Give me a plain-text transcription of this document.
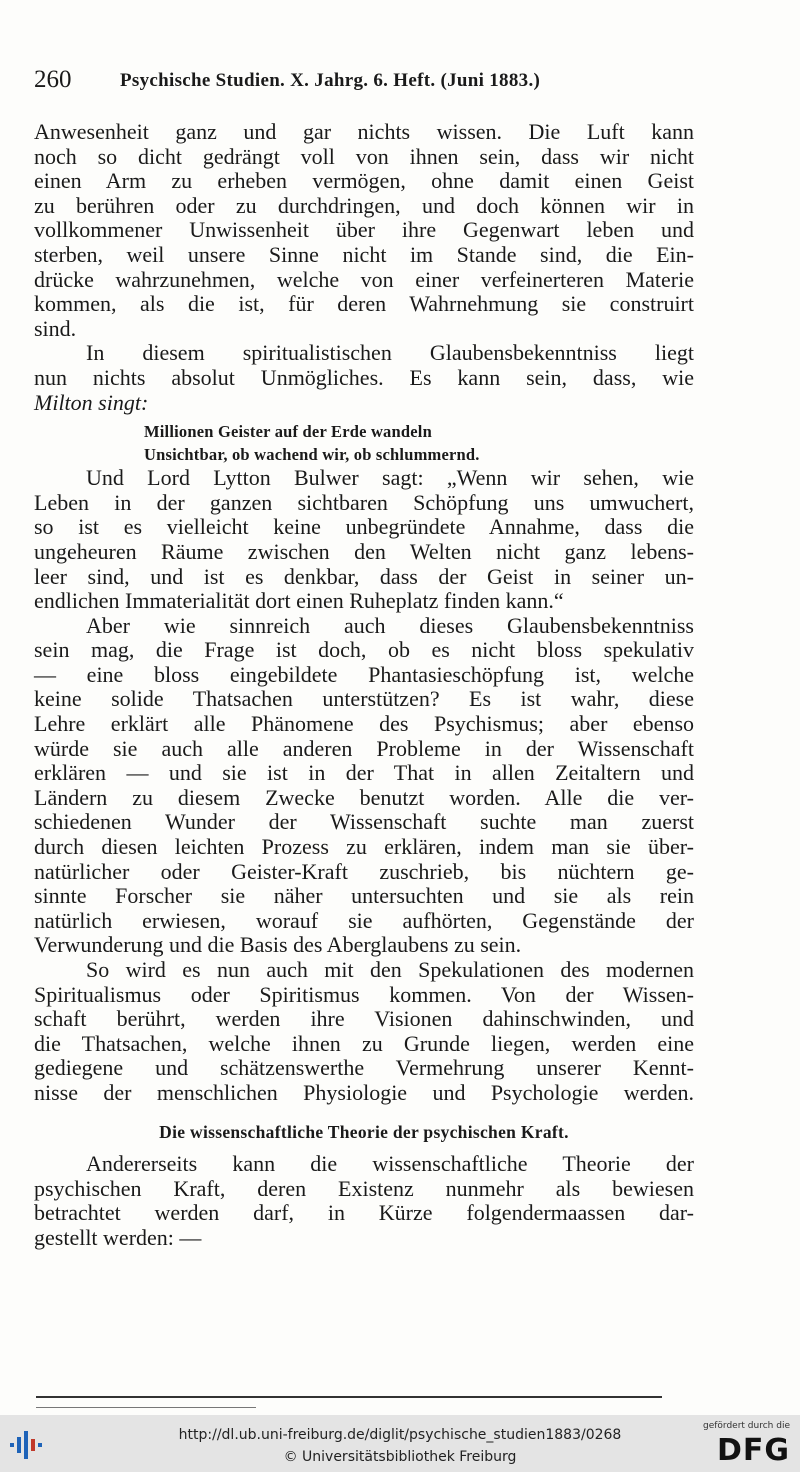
260	Psychische Studien. X. Jahrg. 6. Heft. (Juni 1883.)
Anwesenheit ganz und gar nichts wissen. Die Luft kann
noch so dicht gedrängt voll von ihnen sein, dass wir nicht
einen Arm zu erheben vermögen, ohne damit einen Geist
zu berühren oder zu durchdringen, und doch können wir in
vollkommener Unwissenheit über ihre Gegenwart leben und
sterben, weil unsere Sinne nicht im Stande sind, die Ein-
drücke wahrzunehmen, welche von einer verfeinerteren Materie
kommen, als die ist, für deren Wahrnehmung sie construirt
sind.
In diesem spiritualistischen Glaubensbekenntniss liegt
nun nichts absolut Unmögliches. Es kann sein, dass, wie
Milton singt:
Millionen Geister auf der Erde wandeln
Unsichtbar, ob wachend wir, ob schlummernd.
Und Lord Lytton Bulwer sagt: „Wenn wir sehen, wie
Leben in der ganzen sichtbaren Schöpfung uns umwuchert,
so ist es vielleicht keine unbegründete Annahme, dass die
ungeheuren Räume zwischen den Welten nicht ganz lebens-
leer sind, und ist es denkbar, dass der Geist in seiner un-
endlichen Immaterialität dort einen Ruheplatz finden kann.“
Aber wie sinnreich auch dieses Glaubensbekenntniss
sein mag, die Frage ist doch, ob es nicht bloss spekulativ
— eine bloss eingebildete Phantasieschöpfung ist, welche
keine solide Thatsachen unterstützen? Es ist wahr, diese
Lehre erklärt alle Phänomene des Psychismus; aber ebenso
würde sie auch alle anderen Probleme in der Wissenschaft
erklären — und sie ist in der That in allen Zeitaltern und
Ländern zu diesem Zwecke benutzt worden. Alle die ver-
schiedenen Wunder der Wissenschaft suchte man zuerst
durch diesen leichten Prozess zu erklären, indem man sie über-
natürlicher oder Geister-Kraft zuschrieb, bis nüchtern ge-
sinnte Forscher sie näher untersuchten und sie als rein
natürlich erwiesen, worauf sie aufhörten, Gegenstände der
Verwunderung und die Basis des Aberglaubens zu sein.
So wird es nun auch mit den Spekulationen des modernen
Spiritualismus oder Spiritismus kommen. Von der Wissen-
schaft berührt, werden ihre Visionen dahinschwinden, und
die Thatsachen, welche ihnen zu Grunde liegen, werden eine
gediegene und schätzenswerthe Vermehrung unserer Kennt-
nisse der menschlichen Physiologie und Psychologie werden.
Die wissenschaftliche Theorie der psychischen Kraft.
Andererseits kann die wissenschaftliche Theorie der
psychischen Kraft, deren Existenz nunmehr als bewiesen
betrachtet werden darf, in Kürze folgendermaassen dar-
gestellt werden: —
http://dl.ub.uni-freiburg.de/diglit/psychische_studien1883/0268
© Universitätsbibliothek Freiburg
gefördert durch die
DFG
